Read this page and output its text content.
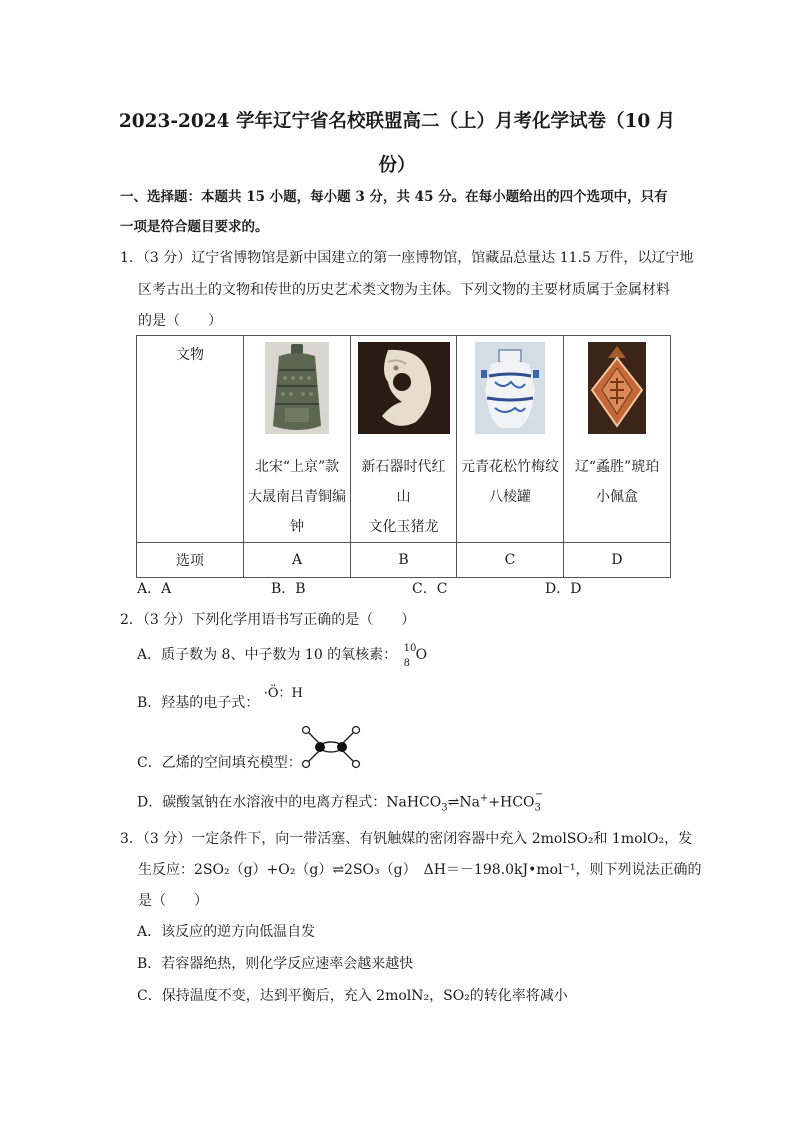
2023-2024 学年辽宁省名校联盟高二（上）月考化学试卷（10 月
份）
一、选择题：本题共 15 小题，每小题 3 分，共 45 分。在每小题给出的四个选项中，只有
一项是符合题目要求的。
1．（3 分）辽宁省博物馆是新中国建立的第一座博物馆，馆藏品总量达 11.5 万件，以辽宁地
区考古出土的文物和传世的历史艺术类文物为主体。下列文物的主要材质属于金属材料
的是（　　）
文物	北宋“上京”款
大晟南吕青铜编
钟	新石器时代红山
文化玉猪龙	元青花松竹梅纹
八棱罐	辽“蟊胜”琥珀
小佩盒

选项	A	B	C	D
A．A	B．B	C．C	D．D
2．（3 分）下列化学用语书写正确的是（　　）
A．质子数为 8、中子数为 10 的氧核素： 10
8
O
B．羟基的电子式： ·Ö：H
C．乙烯的空间填充模型：
D．碳酸氢钠在水溶液中的电离方程式：$NaHCO_3\rightleftharpoons Na^++HCO_3^-$
3．（3 分）一定条件下，向一带活塞、有钒触媒的密闭容器中充入 2molSO₂和 1molO₂，发
生反应：2SO₂（g）+O₂（g）⇌2SO₃（g）　ΔH＝－198.0kJ•mol⁻¹，则下列说法正确的
是（　　）
A．该反应的逆方向低温自发
B．若容器绝热，则化学反应速率会越来越快
C．保持温度不变，达到平衡后，充入 2molN₂，SO₂的转化率将减小
